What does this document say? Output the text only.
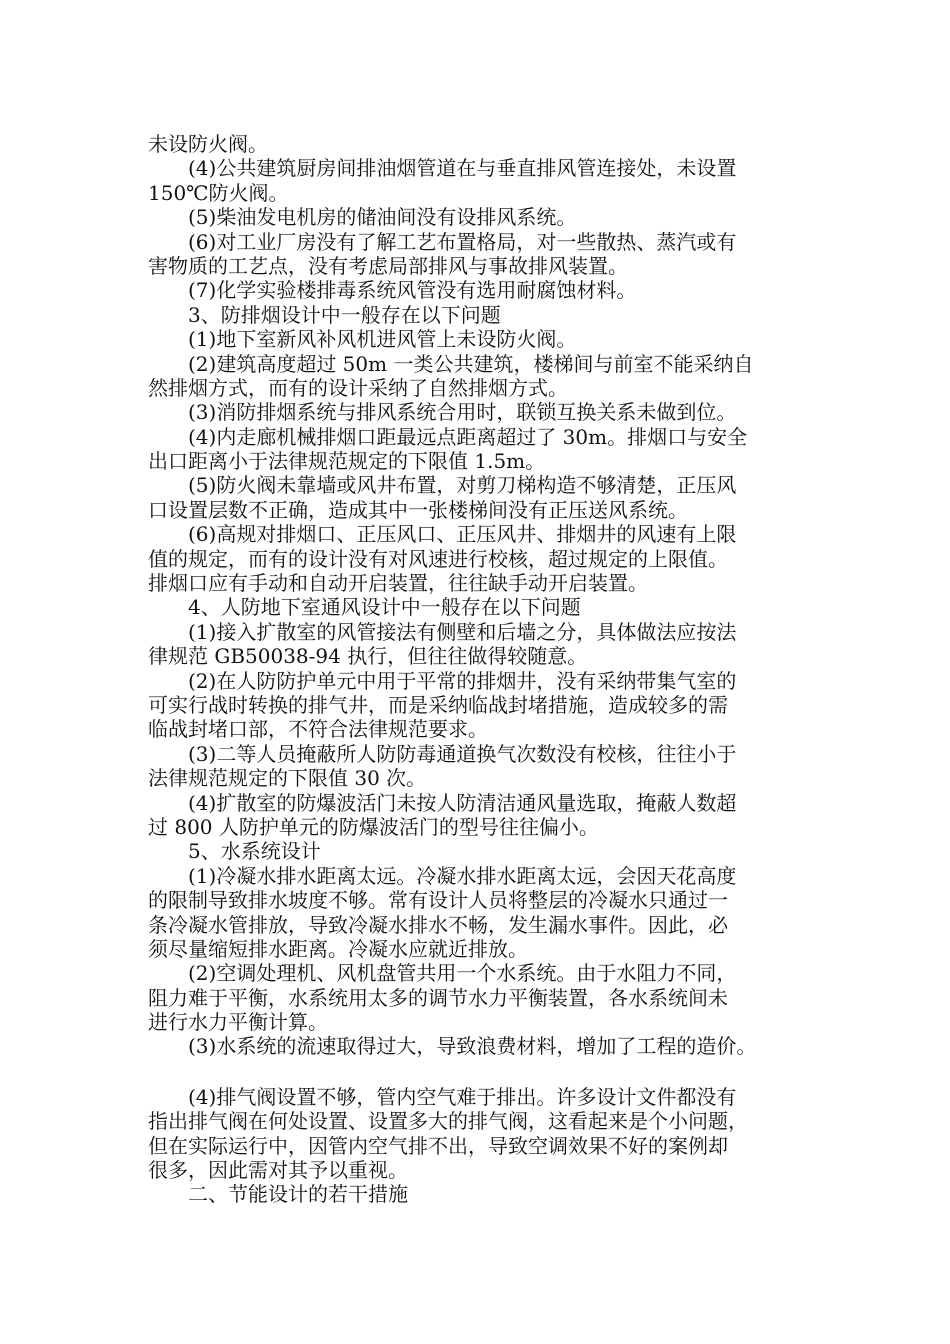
未设防火阀。
(4)公共建筑厨房间排油烟管道在与垂直排风管连接处，未设置
150℃防火阀。
(5)柴油发电机房的储油间没有设排风系统。
(6)对工业厂房没有了解工艺布置格局，对一些散热、蒸汽或有
害物质的工艺点，没有考虑局部排风与事故排风装置。
(7)化学实验楼排毒系统风管没有选用耐腐蚀材料。
3、防排烟设计中一般存在以下问题
(1)地下室新风补风机进风管上未设防火阀。
(2)建筑高度超过 50m 一类公共建筑，楼梯间与前室不能采纳自
然排烟方式，而有的设计采纳了自然排烟方式。
(3)消防排烟系统与排风系统合用时，联锁互换关系未做到位。
(4)内走廊机械排烟口距最远点距离超过了 30m。排烟口与安全
出口距离小于法律规范规定的下限值 1.5m。
(5)防火阀未靠墙或风井布置，对剪刀梯构造不够清楚，正压风
口设置层数不正确，造成其中一张楼梯间没有正压送风系统。
(6)高规对排烟口、正压风口、正压风井、排烟井的风速有上限
值的规定，而有的设计没有对风速进行校核，超过规定的上限值。
排烟口应有手动和自动开启装置，往往缺手动开启装置。
4、人防地下室通风设计中一般存在以下问题
(1)接入扩散室的风管接法有侧壁和后墙之分，具体做法应按法
律规范 GB50038-94 执行，但往往做得较随意。
(2)在人防防护单元中用于平常的排烟井，没有采纳带集气室的
可实行战时转换的排气井，而是采纳临战封堵措施，造成较多的需
临战封堵口部，不符合法律规范要求。
(3)二等人员掩蔽所人防防毒通道换气次数没有校核，往往小于
法律规范规定的下限值 30 次。
(4)扩散室的防爆波活门未按人防清洁通风量选取，掩蔽人数超
过 800 人防护单元的防爆波活门的型号往往偏小。
5、水系统设计
(1)冷凝水排水距离太远。冷凝水排水距离太远，会因天花高度
的限制导致排水坡度不够。常有设计人员将整层的冷凝水只通过一
条冷凝水管排放，导致冷凝水排水不畅，发生漏水事件。因此，必
须尽量缩短排水距离。冷凝水应就近排放。
(2)空调处理机、风机盘管共用一个水系统。由于水阻力不同，
阻力难于平衡，水系统用太多的调节水力平衡装置，各水系统间未
进行水力平衡计算。
(3)水系统的流速取得过大，导致浪费材料，增加了工程的造价。
(4)排气阀设置不够，管内空气难于排出。许多设计文件都没有
指出排气阀在何处设置、设置多大的排气阀，这看起来是个小问题，
但在实际运行中，因管内空气排不出，导致空调效果不好的案例却
很多，因此需对其予以重视。
二、节能设计的若干措施
